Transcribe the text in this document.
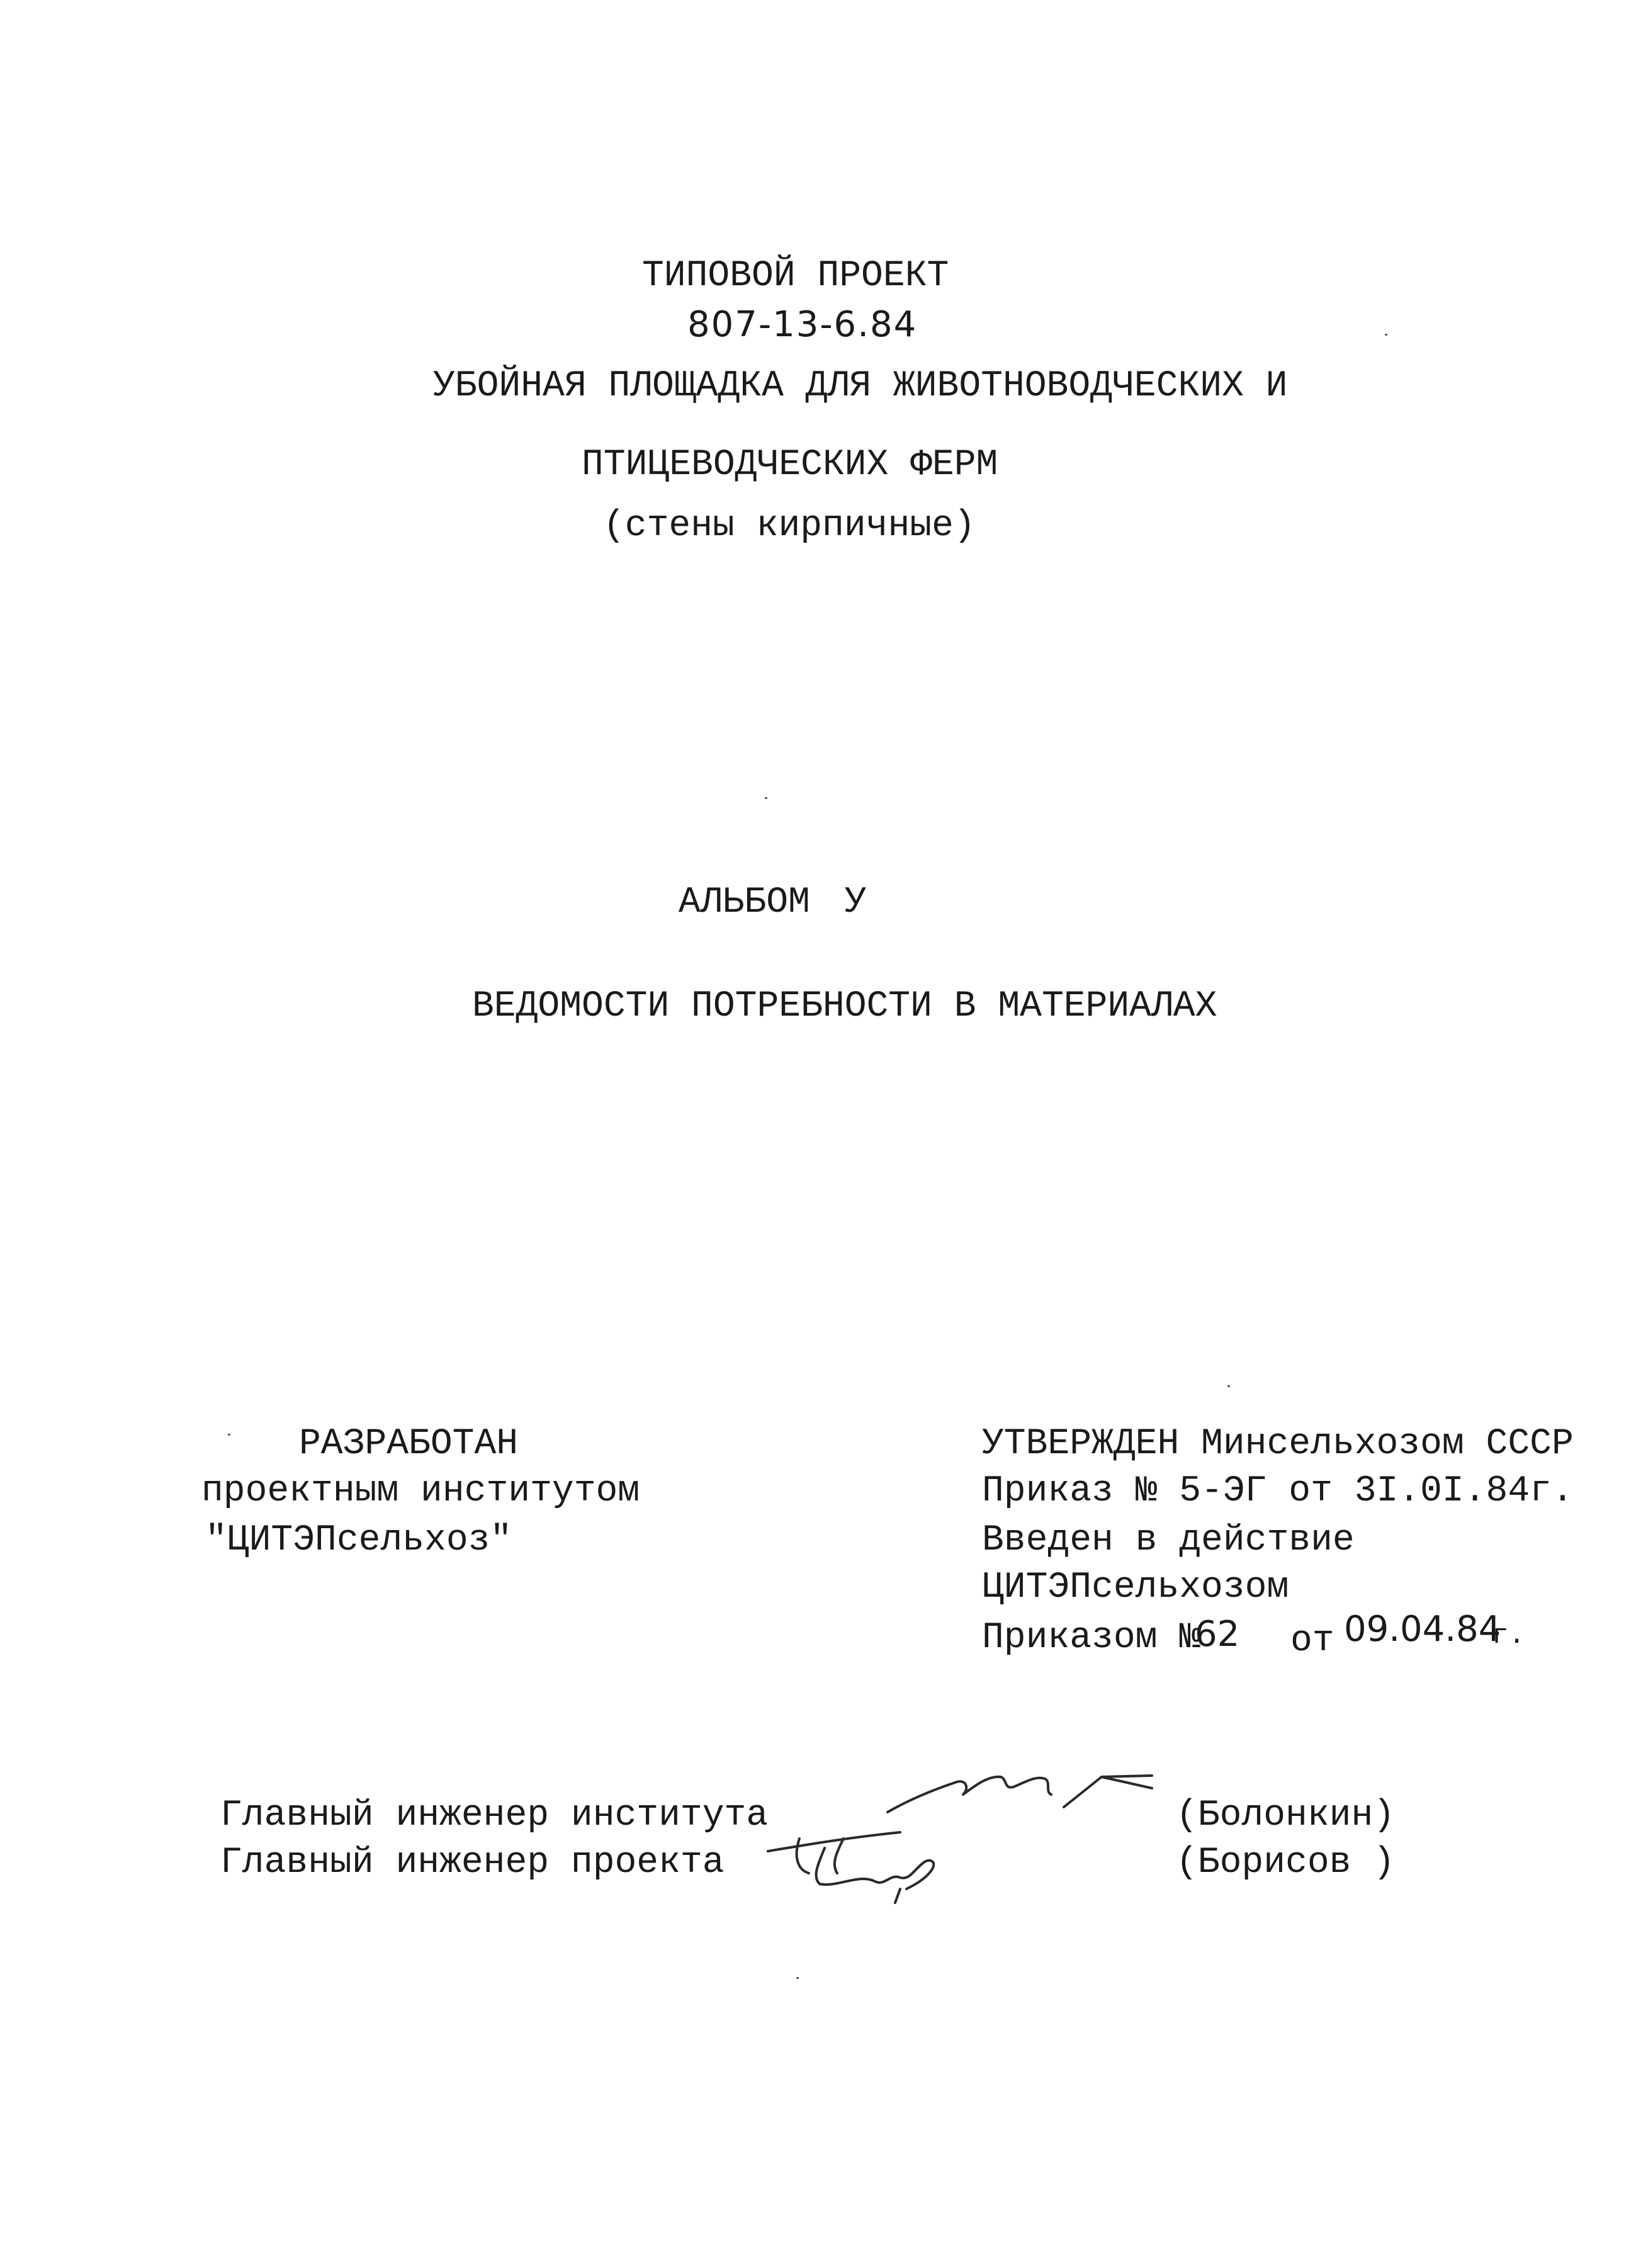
ТИПОВОЙ ПРОЕКТ
807-13-6.84
УБОЙНАЯ ПЛОЩАДКА ДЛЯ ЖИВОТНОВОДЧЕСКИХ И
ПТИЦЕВОДЧЕСКИХ ФЕРМ
(стены кирпичные)
АЛЬБОМ У
ВЕДОМОСТИ ПОТРЕБНОСТИ В МАТЕРИАЛАХ
РАЗРАБОТАН
проектным институтом
"ЦИТЭПсельхоз"
УТВЕРЖДЕН Минсельхозом СССР
Приказ № 5-ЭГ от 3I.0I.84г.
Введен в действие
ЦИТЭПсельхозом
Приказом №
62 от 09.04.84
г.
Главный инженер института	(Болонкин)
Главный инженер проекта	(Борисов )
